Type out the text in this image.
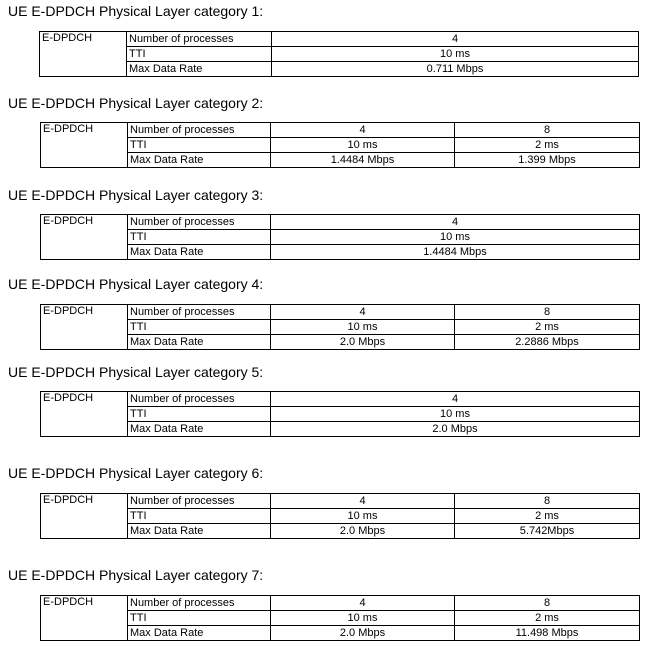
UE E-DPDCH Physical Layer category 1:
E-DPDCH	Number of processes	4
	TTI	10 ms
	Max Data Rate	0.711 Mbps
UE E-DPDCH Physical Layer category 2:
E-DPDCH	Number of processes	4	8
	TTI	10 ms	2 ms
	Max Data Rate	1.4484 Mbps	1.399 Mbps
UE E-DPDCH Physical Layer category 3:
E-DPDCH	Number of processes	4
	TTI	10 ms
	Max Data Rate	1.4484 Mbps
UE E-DPDCH Physical Layer category 4:
E-DPDCH	Number of processes	4	8
	TTI	10 ms	2 ms
	Max Data Rate	2.0 Mbps	2.2886 Mbps
UE E-DPDCH Physical Layer category 5:
E-DPDCH	Number of processes	4
	TTI	10 ms
	Max Data Rate	2.0 Mbps
UE E-DPDCH Physical Layer category 6:
E-DPDCH	Number of processes	4	8
	TTI	10 ms	2 ms
	Max Data Rate	2.0 Mbps	5.742Mbps
UE E-DPDCH Physical Layer category 7:
E-DPDCH	Number of processes	4	8
	TTI	10 ms	2 ms
	Max Data Rate	2.0 Mbps	11.498 Mbps
